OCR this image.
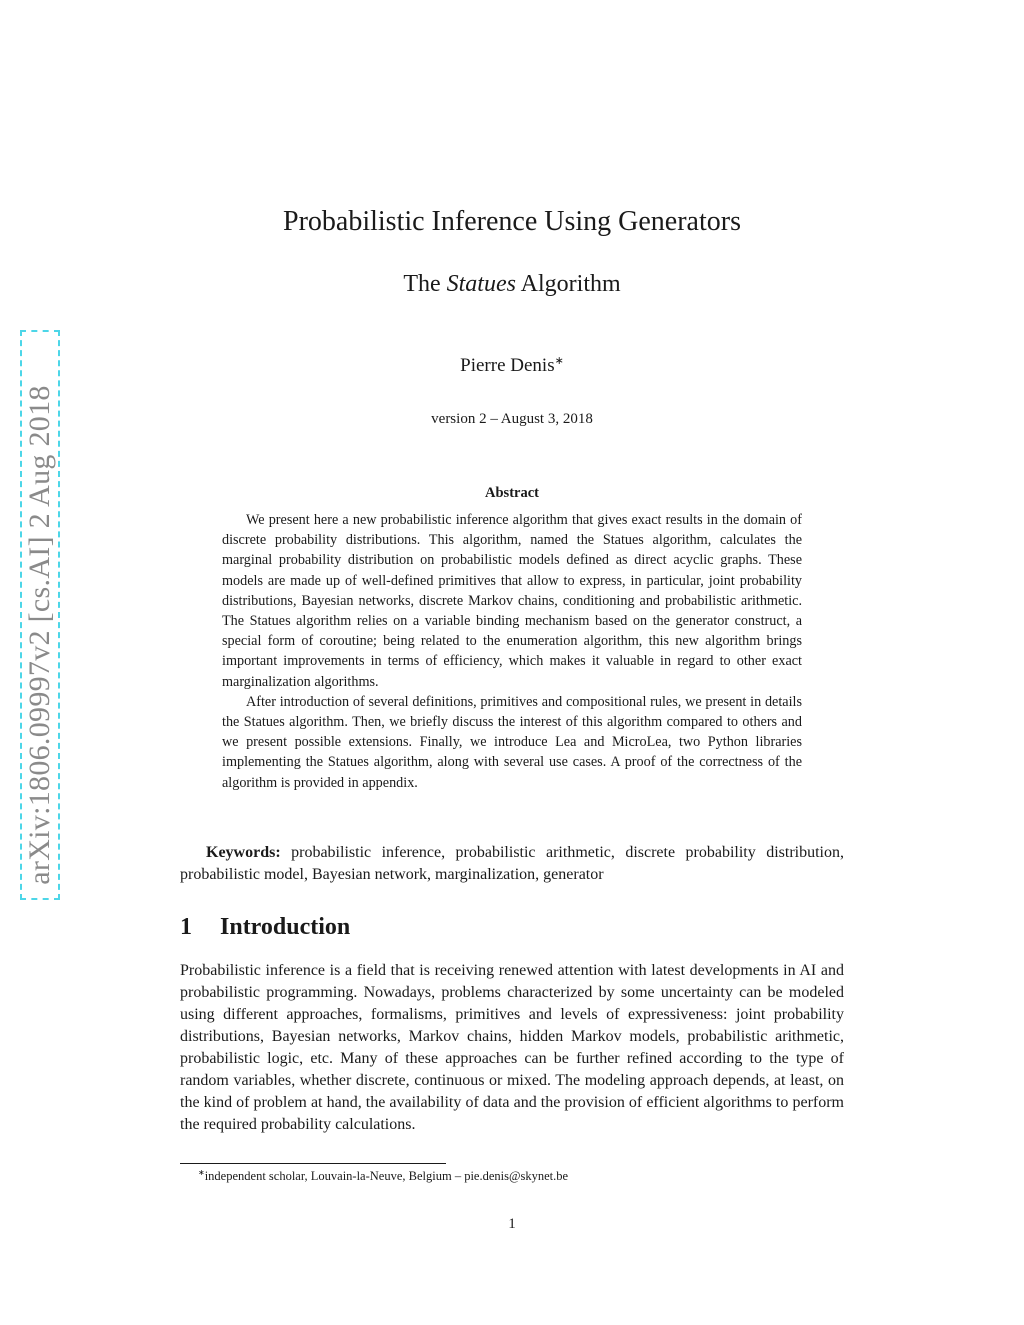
arXiv:1806.09997v2 [cs.AI] 2 Aug 2018
Probabilistic Inference Using Generators
The Statues Algorithm
Pierre Denis∗
version 2 – August 3, 2018
Abstract

We present here a new probabilistic inference algorithm that gives exact results in the domain of discrete probability distributions. This algorithm, named the Statues algorithm, calculates the marginal probability distribution on probabilistic models defined as direct acyclic graphs. These models are made up of well-defined primitives that allow to express, in particular, joint probability distributions, Bayesian networks, discrete Markov chains, conditioning and probabilistic arithmetic. The Statues algorithm relies on a variable binding mechanism based on the generator construct, a special form of coroutine; being related to the enumeration algorithm, this new algorithm brings important improvements in terms of efficiency, which makes it valuable in regard to other exact marginalization algorithms.

After introduction of several definitions, primitives and compositional rules, we present in details the Statues algorithm. Then, we briefly discuss the interest of this algorithm compared to others and we present possible extensions. Finally, we introduce Lea and MicroLea, two Python libraries implementing the Statues algorithm, along with several use cases. A proof of the correctness of the algorithm is provided in appendix.

Keywords: probabilistic inference, probabilistic arithmetic, discrete probability distribution, probabilistic model, Bayesian network, marginalization, generator
1 Introduction

Probabilistic inference is a field that is receiving renewed attention with latest developments in AI and probabilistic programming. Nowadays, problems characterized by some uncertainty can be modeled using different approaches, formalisms, primitives and levels of expressiveness: joint probability distributions, Bayesian networks, Markov chains, hidden Markov models, probabilistic arithmetic, probabilistic logic, etc. Many of these approaches can be further refined according to the type of random variables, whether discrete, continuous or mixed. The modeling approach depends, at least, on the kind of problem at hand, the availability of data and the provision of efficient algorithms to perform the required probability calculations.

∗independent scholar, Louvain-la-Neuve, Belgium – pie.denis@skynet.be
1
